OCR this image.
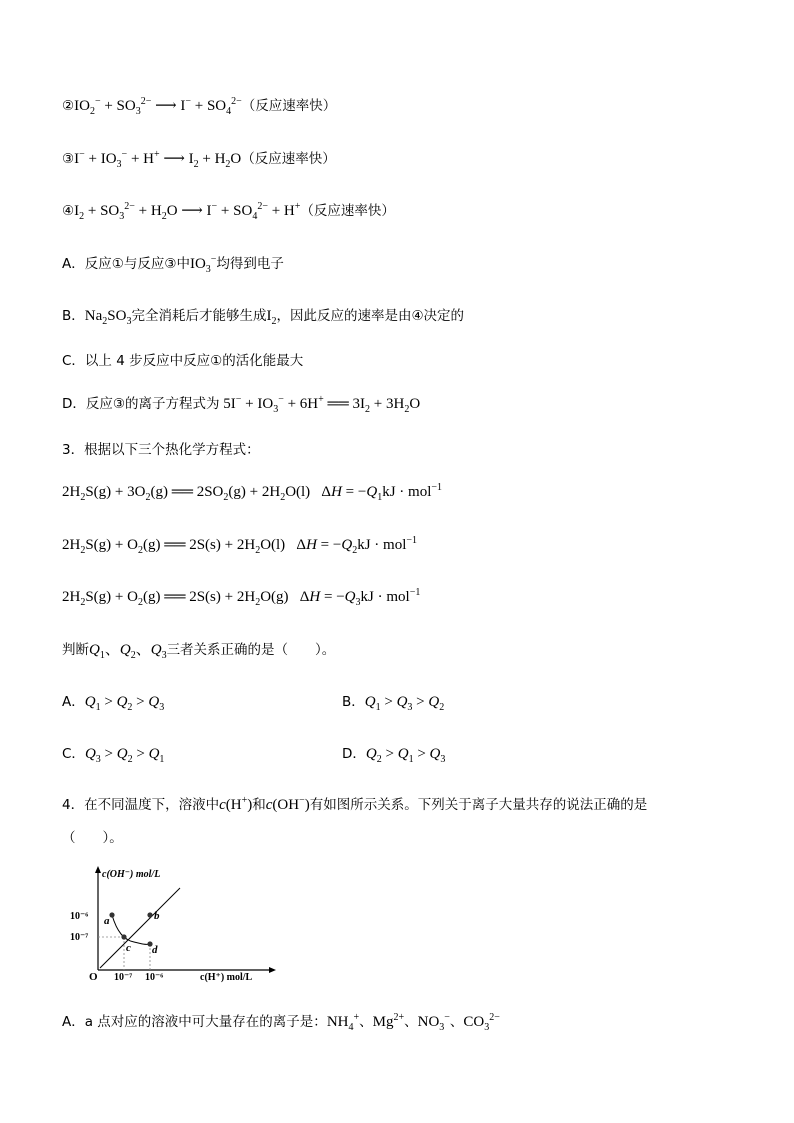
$②IO_2^- + SO_3^{2-}$ ⟶ $I^- + SO_4^{2-}$（反应速率快）
③I− + $IO_3^- + H^+$ ⟶ $I_2 + H_2O$（反应速率快）
$④I_2 + SO_3^{2-} + H_2O$ ⟶ $I^- + SO_4^{2-} + H^+$（反应速率快）
A．反应①与反应③中$IO_3^-$均得到电子
B．$Na_2SO_3$完全消耗后才能够生成$I_2$，因此反应的速率是由④决定的
C．以上 4 步反应中反应①的活化能最大
D．反应③的离子方程式为 $5I^- + IO_3^- + 6H^+$ ══ $3I_2 + 3H_2O$
3．根据以下三个热化学方程式：
$2H_2S(g) + 3O_2(g)$ ══ $2SO_2(g) + 2H_2O(l) \Delta H = -Q_1kJ \cdot mol^{-1}$
$2H_2S(g) + O_2(g)$ ══ $2S(s) + 2H_2O(l) \Delta H = -Q_2kJ \cdot mol^{-1}$
$2H_2S(g) + O_2(g)$ ══ $2S(s) + 2H_2O(g) \Delta H = -Q_3kJ \cdot mol^{-1}$
判断$Q_1$、$Q_2$、$Q_3$三者关系正确的是（　　）。
A．$Q_1 > Q_2 > Q_3$	B．$Q_1 > Q_3 > Q_2$
C．$Q_3 > Q_2 > Q_1$	D．$Q_2 > Q_1 > Q_3$
4．在不同温度下，溶液中c(H+)和c(OH−)有如图所示关系。下列关于离子大量共存的说法正确的是
（　　）。
c(OH⁻) mol/L
c(H⁺) mol/L
O
10⁻⁶
10⁻⁷
10⁻⁷ 10⁻⁶
a	b
c d
A．a 点对应的溶液中可大量存在的离子是：$NH_4^+$、$Mg^{2+}$、$NO_3^-$、$CO_3^{2-}$
